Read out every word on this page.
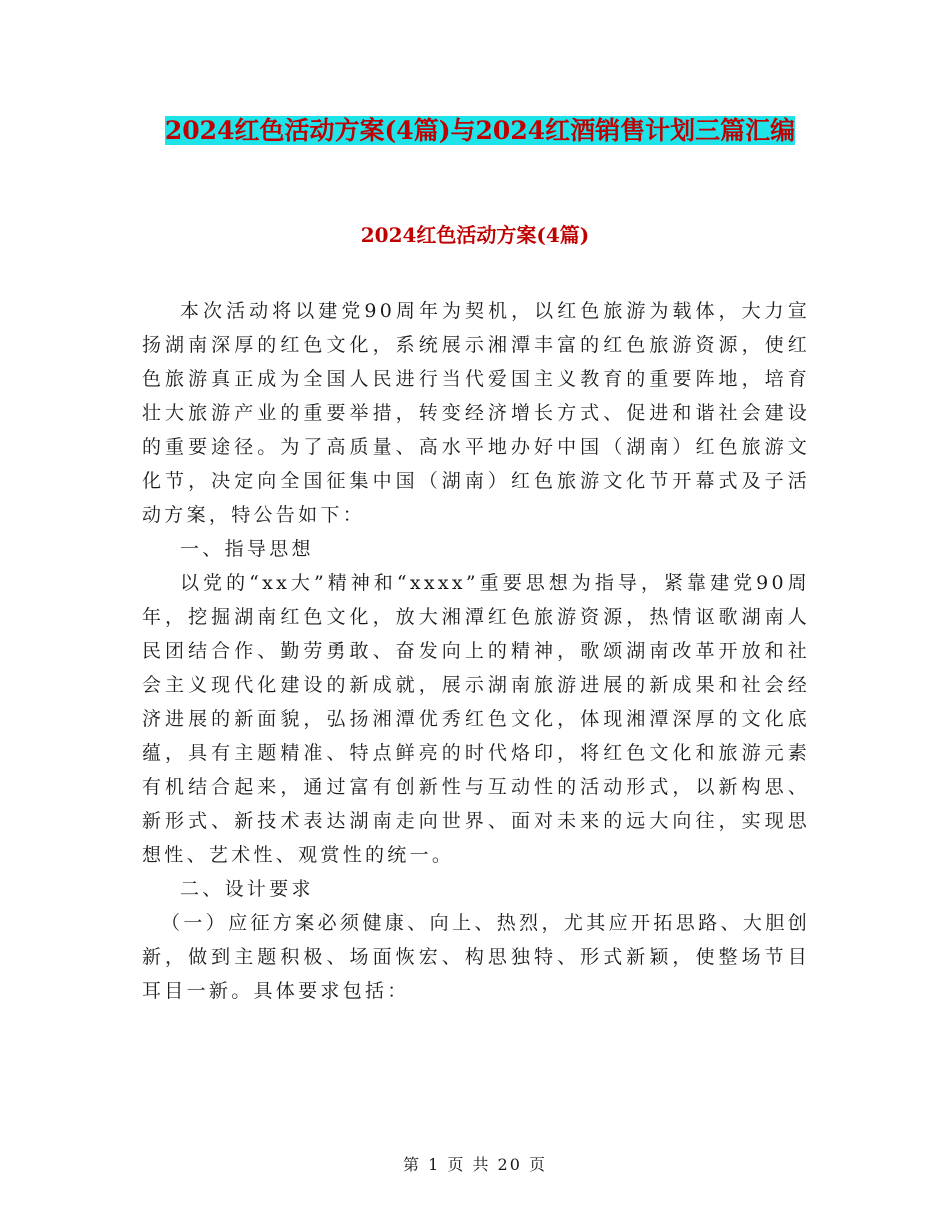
2024红色活动方案(4篇)与2024红酒销售计划三篇汇编
2024红色活动方案(4篇)

本次活动将以建党90周年为契机，以红色旅游为载体，大力宣扬湖南深厚的红色文化，系统展示湘潭丰富的红色旅游资源，使红色旅游真正成为全国人民进行当代爱国主义教育的重要阵地，培育壮大旅游产业的重要举措，转变经济增长方式、促进和谐社会建设的重要途径。为了高质量、高水平地办好中国（湖南）红色旅游文化节，决定向全国征集中国（湖南）红色旅游文化节开幕式及子活动方案，特公告如下：

一、指导思想

以党的“xx大”精神和“xxxx”重要思想为指导，紧靠建党90周年，挖掘湖南红色文化，放大湘潭红色旅游资源，热情讴歌湖南人民团结合作、勤劳勇敢、奋发向上的精神，歌颂湖南改革开放和社会主义现代化建设的新成就，展示湖南旅游进展的新成果和社会经济进展的新面貌，弘扬湘潭优秀红色文化，体现湘潭深厚的文化底蕴，具有主题精准、特点鲜亮的时代烙印，将红色文化和旅游元素有机结合起来，通过富有创新性与互动性的活动形式，以新构思、新形式、新技术表达湖南走向世界、面对未来的远大向往，实现思想性、艺术性、观赏性的统一。

二、设计要求

（一）应征方案必须健康、向上、热烈，尤其应开拓思路、大胆创新，做到主题积极、场面恢宏、构思独特、形式新颖，使整场节目耳目一新。具体要求包括：

第 1 页 共 20 页
